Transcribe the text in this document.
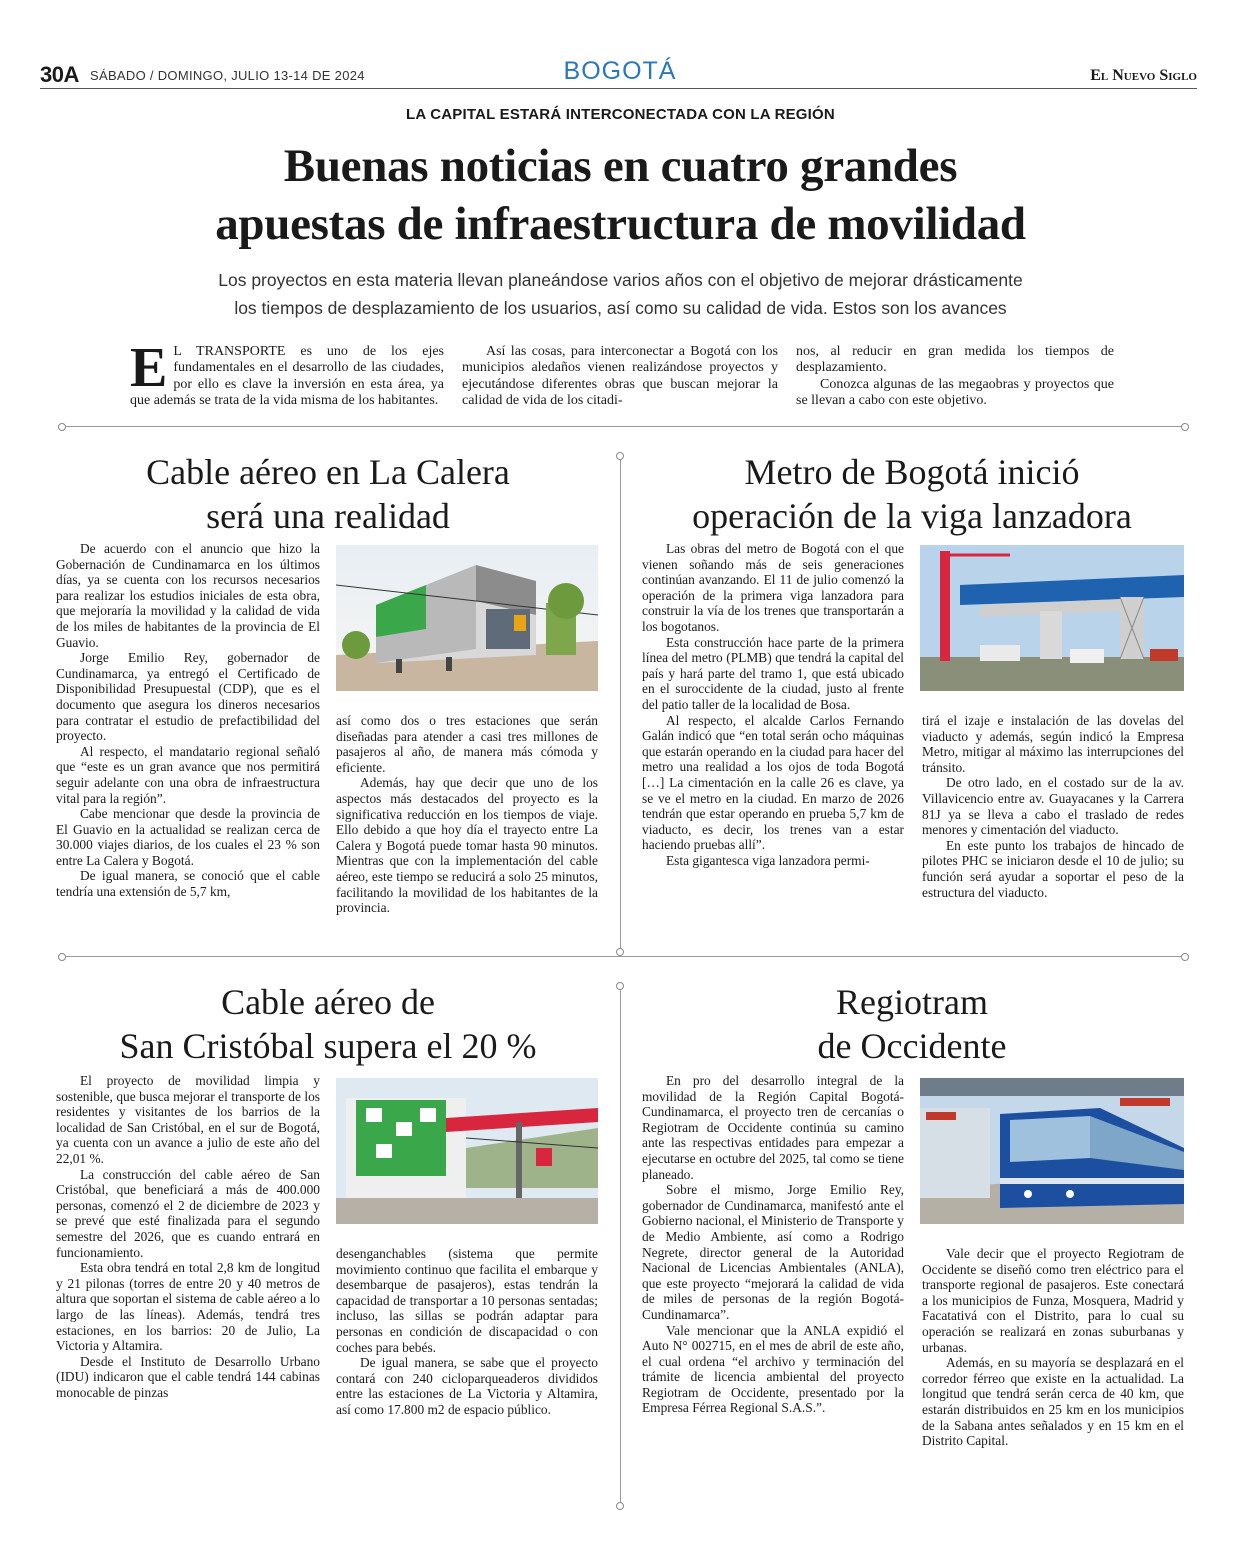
30A SÁBADO / DOMINGO, JULIO 13-14 DE 2024	BOGOTÁ	El Nuevo Siglo
LA CAPITAL ESTARÁ INTERCONECTADA CON LA REGIÓN
Buenas noticias en cuatro grandes
apuestas de infraestructura de movilidad
Los proyectos en esta materia llevan planeándose varios años con el objetivo de mejorar drásticamente
los tiempos de desplazamiento de los usuarios, así como su calidad de vida. Estos son los avances
E L TRANSPORTE es uno de los ejes fundamentales en el desarrollo de las ciudades, por ello es clave la inversión en esta área, ya que además se trata de la vida misma de los habitantes.

Así las cosas, para interconectar a Bogotá con los municipios aledaños vienen realizándose proyectos y ejecutándose diferentes obras que buscan mejorar la calidad de vida de los citadi-

nos, al reducir en gran medida los tiempos de desplazamiento.

Conozca algunas de las megaobras y proyectos que se llevan a cabo con este objetivo.

Cable aéreo en La Calera
será una realidad

De acuerdo con el anuncio que hizo la Gobernación de Cundinamarca en los últimos días, ya se cuenta con los recursos necesarios para realizar los estudios iniciales de esta obra, que mejoraría la movilidad y la calidad de vida de los miles de habitantes de la provincia de El Guavio.

Jorge Emilio Rey, gobernador de Cundinamarca, ya entregó el Certificado de Disponibilidad Presupuestal (CDP), que es el documento que asegura los dineros necesarios para contratar el estudio de prefactibilidad del proyecto.

Al respecto, el mandatario regional señaló que “este es un gran avance que nos permitirá seguir adelante con una obra de infraestructura vital para la región”.

Cabe mencionar que desde la provincia de El Guavio en la actualidad se realizan cerca de 30.000 viajes diarios, de los cuales el 23 % son entre La Calera y Bogotá.

De igual manera, se conoció que el cable tendría una extensión de 5,7 km,

así como dos o tres estaciones que serán diseñadas para atender a casi tres millones de pasajeros al año, de manera más cómoda y eficiente.

Además, hay que decir que uno de los aspectos más destacados del proyecto es la significativa reducción en los tiempos de viaje. Ello debido a que hoy día el trayecto entre La Calera y Bogotá puede tomar hasta 90 minutos. Mientras que con la implementación del cable aéreo, este tiempo se reducirá a solo 25 minutos, facilitando la movilidad de los habitantes de la provincia.

Metro de Bogotá inició
operación de la viga lanzadora

Las obras del metro de Bogotá con el que vienen soñando más de seis generaciones continúan avanzando. El 11 de julio comenzó la operación de la primera viga lanzadora para construir la vía de los trenes que transportarán a los bogotanos.

Esta construcción hace parte de la primera línea del metro (PLMB) que tendrá la capital del país y hará parte del tramo 1, que está ubicado en el suroccidente de la ciudad, justo al frente del patio taller de la localidad de Bosa.

Al respecto, el alcalde Carlos Fernando Galán indicó que “en total serán ocho máquinas que estarán operando en la ciudad para hacer del metro una realidad a los ojos de toda Bogotá […] La cimentación en la calle 26 es clave, ya se ve el metro en la ciudad. En marzo de 2026 tendrán que estar operando en prueba 5,7 km de viaducto, es decir, los trenes van a estar haciendo pruebas allí”.

Esta gigantesca viga lanzadora permi-

tirá el izaje e instalación de las dovelas del viaducto y además, según indicó la Empresa Metro, mitigar al máximo las interrupciones del tránsito.

De otro lado, en el costado sur de la av. Villavicencio entre av. Guayacanes y la Carrera 81J ya se lleva a cabo el traslado de redes menores y cimentación del viaducto.

En este punto los trabajos de hincado de pilotes PHC se iniciaron desde el 10 de julio; su función será ayudar a soportar el peso de la estructura del viaducto.

Cable aéreo de
San Cristóbal supera el 20 %

El proyecto de movilidad limpia y sostenible, que busca mejorar el transporte de los residentes y visitantes de los barrios de la localidad de San Cristóbal, en el sur de Bogotá, ya cuenta con un avance a julio de este año del 22,01 %.

La construcción del cable aéreo de San Cristóbal, que beneficiará a más de 400.000 personas, comenzó el 2 de diciembre de 2023 y se prevé que esté finalizada para el segundo semestre del 2026, que es cuando entrará en funcionamiento.

Esta obra tendrá en total 2,8 km de longitud y 21 pilonas (torres de entre 20 y 40 metros de altura que soportan el sistema de cable aéreo a lo largo de las líneas). Además, tendrá tres estaciones, en los barrios: 20 de Julio, La Victoria y Altamira.

Desde el Instituto de Desarrollo Urbano (IDU) indicaron que el cable tendrá 144 cabinas monocable de pinzas

desenganchables (sistema que permite movimiento continuo que facilita el embarque y desembarque de pasajeros), estas tendrán la capacidad de transportar a 10 personas sentadas; incluso, las sillas se podrán adaptar para personas en condición de discapacidad o con coches para bebés.

De igual manera, se sabe que el proyecto contará con 240 cicloparqueaderos divididos entre las estaciones de La Victoria y Altamira, así como 17.800 m2 de espacio público.

Regiotram
de Occidente

En pro del desarrollo integral de la movilidad de la Región Capital Bogotá-Cundinamarca, el proyecto tren de cercanías o Regiotram de Occidente continúa su camino ante las respectivas entidades para empezar a ejecutarse en octubre del 2025, tal como se tiene planeado.

Sobre el mismo, Jorge Emilio Rey, gobernador de Cundinamarca, manifestó ante el Gobierno nacional, el Ministerio de Transporte y de Medio Ambiente, así como a Rodrigo Negrete, director general de la Autoridad Nacional de Licencias Ambientales (ANLA), que este proyecto “mejorará la calidad de vida de miles de personas de la región Bogotá-Cundinamarca”.

Vale mencionar que la ANLA expidió el Auto N° 002715, en el mes de abril de este año, el cual ordena “el archivo y terminación del trámite de licencia ambiental del proyecto Regiotram de Occidente, presentado por la Empresa Férrea Regional S.A.S.”.

Vale decir que el proyecto Regiotram de Occidente se diseñó como tren eléctrico para el transporte regional de pasajeros. Este conectará a los municipios de Funza, Mosquera, Madrid y Facatativá con el Distrito, para lo cual su operación se realizará en zonas suburbanas y urbanas.

Además, en su mayoría se desplazará en el corredor férreo que existe en la actualidad. La longitud que tendrá serán cerca de 40 km, que estarán distribuidos en 25 km en los municipios de la Sabana antes señalados y en 15 km en el Distrito Capital.
